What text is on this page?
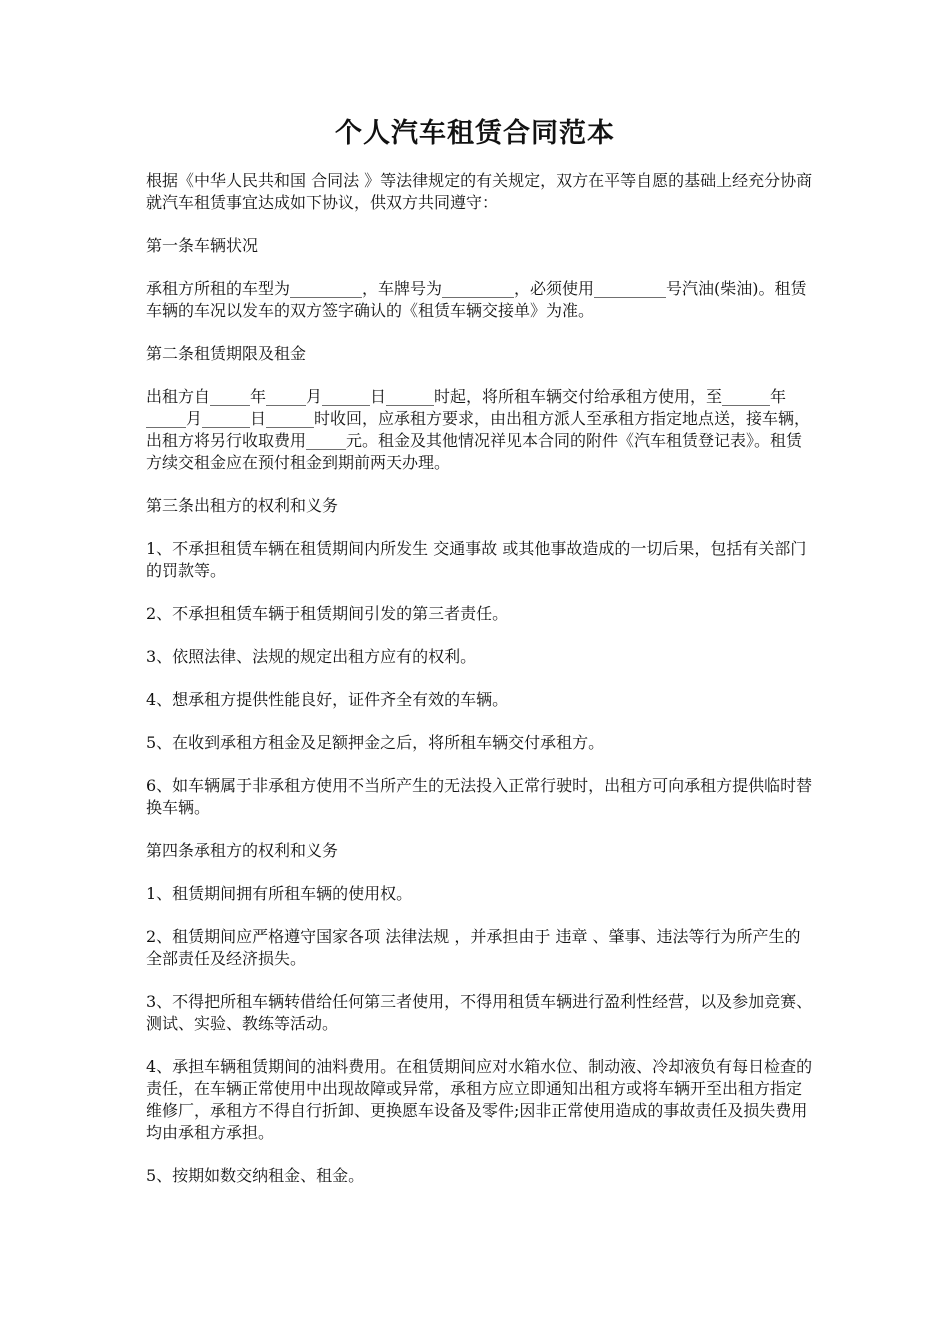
个人汽车租赁合同范本

根据《中华人民共和国 合同法 》等法律规定的有关规定，双方在平等自愿的基础上经充分协商就汽车租赁事宜达成如下协议，供双方共同遵守：

第一条车辆状况

承租方所租的车型为_________，车牌号为_________，必须使用_________号汽油(柴油)。租赁车辆的车况以发车的双方签字确认的《租赁车辆交接单》为准。

第二条租赁期限及租金

出租方自_____年_____月______日______时起，将所租车辆交付给承租方使用，至______年_____月______日______时收回，应承租方要求，由出租方派人至承租方指定地点送，接车辆，出租方将另行收取费用_____元。租金及其他情况祥见本合同的附件《汽车租赁登记表》。租赁方续交租金应在预付租金到期前两天办理。

第三条出租方的权利和义务

1、不承担租赁车辆在租赁期间内所发生 交通事故 或其他事故造成的一切后果，包括有关部门的罚款等。

2、不承担租赁车辆于租赁期间引发的第三者责任。

3、依照法律、法规的规定出租方应有的权利。

4、想承租方提供性能良好，证件齐全有效的车辆。

5、在收到承租方租金及足额押金之后，将所租车辆交付承租方。

6、如车辆属于非承租方使用不当所产生的无法投入正常行驶时，出租方可向承租方提供临时替换车辆。

第四条承租方的权利和义务

1、租赁期间拥有所租车辆的使用权。

2、租赁期间应严格遵守国家各项 法律法规 ，并承担由于 违章 、肇事、违法等行为所产生的全部责任及经济损失。

3、不得把所租车辆转借给任何第三者使用，不得用租赁车辆进行盈利性经营，以及参加竞赛、测试、实验、教练等活动。

4、承担车辆租赁期间的油料费用。在租赁期间应对水箱水位、制动液、冷却液负有每日检查的责任，在车辆正常使用中出现故障或异常，承租方应立即通知出租方或将车辆开至出租方指定维修厂，承租方不得自行折卸、更换愿车设备及零件;因非正常使用造成的事故责任及损失费用均由承租方承担。

5、按期如数交纳租金、租金。
